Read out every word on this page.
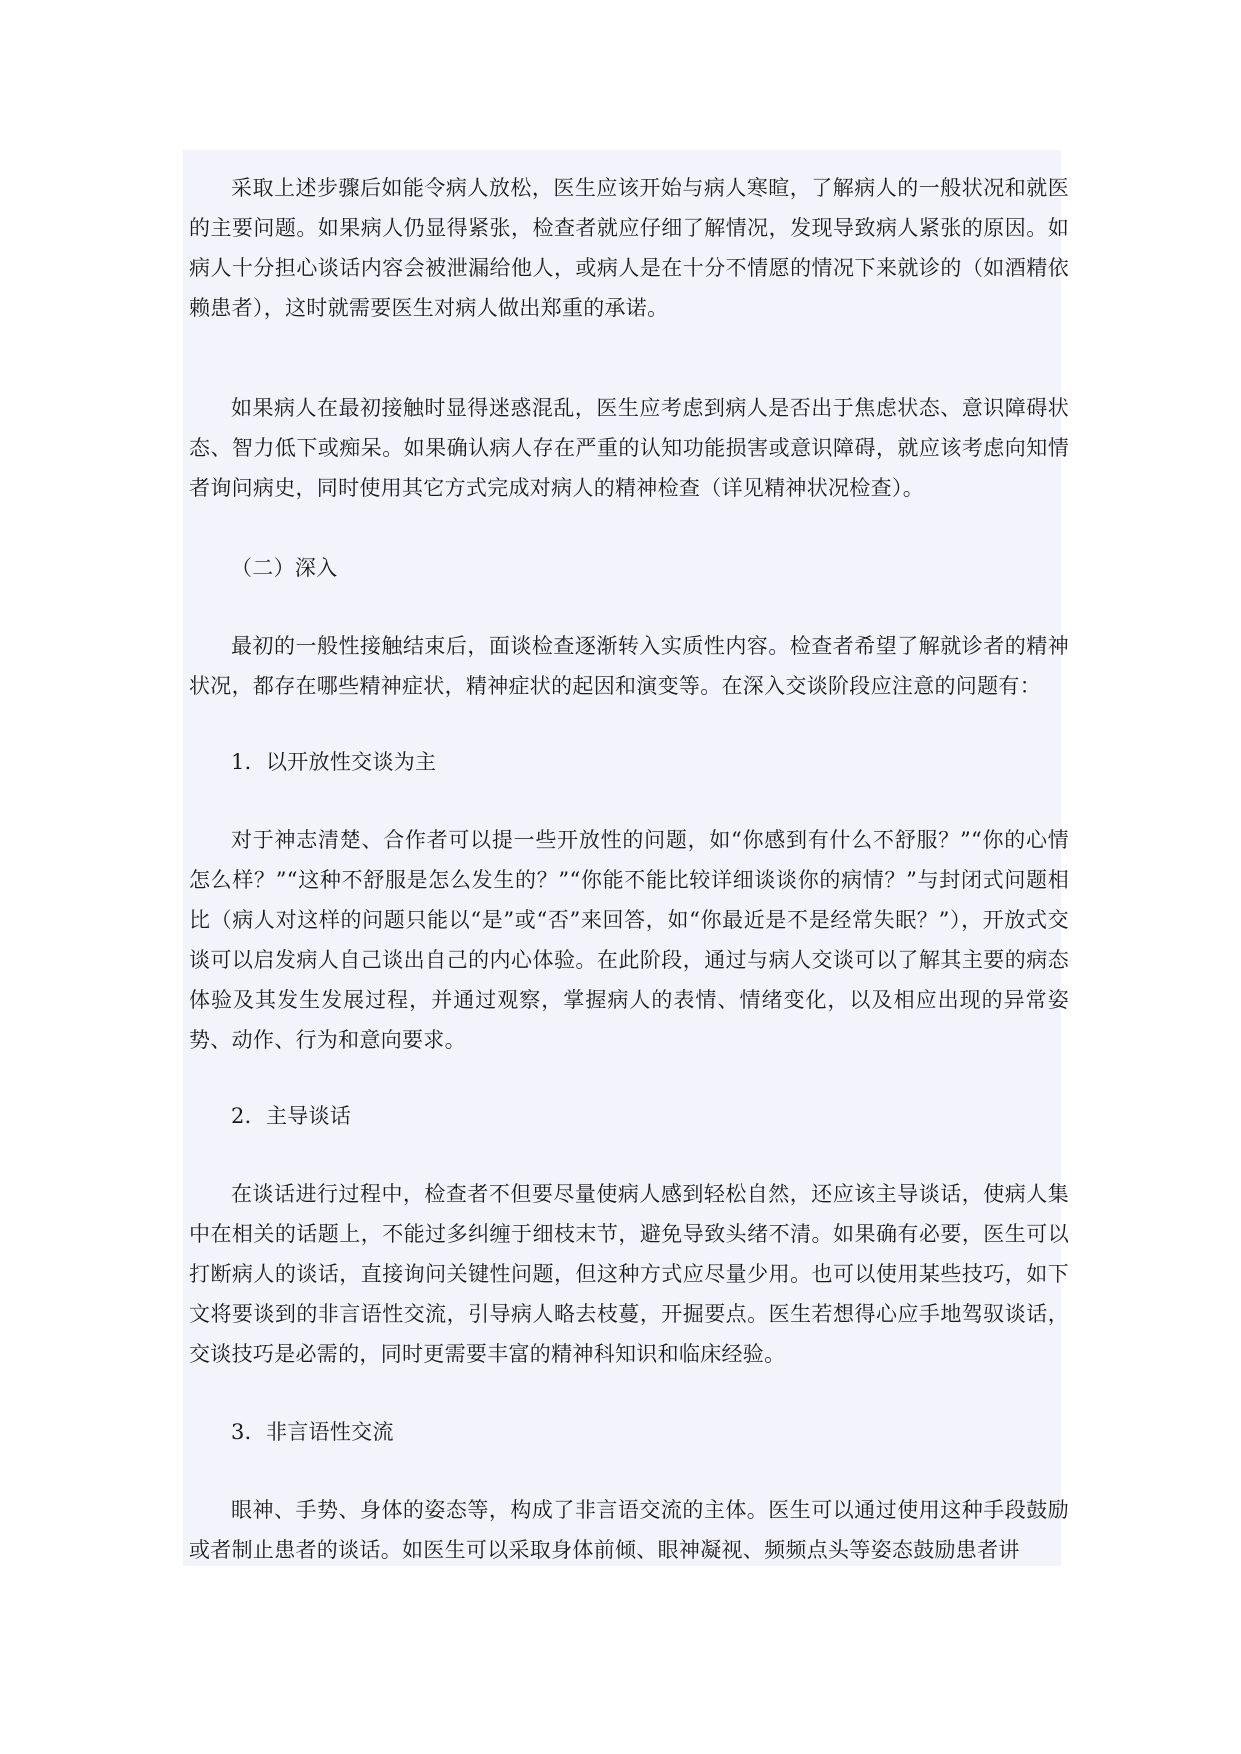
采取上述步骤后如能令病人放松，医生应该开始与病人寒暄，了解病人的一般状况和就医的主要问题。如果病人仍显得紧张，检查者就应仔细了解情况，发现导致病人紧张的原因。如病人十分担心谈话内容会被泄漏给他人，或病人是在十分不情愿的情况下来就诊的（如酒精依赖患者），这时就需要医生对病人做出郑重的承诺。

如果病人在最初接触时显得迷惑混乱，医生应考虑到病人是否出于焦虑状态、意识障碍状态、智力低下或痴呆。如果确认病人存在严重的认知功能损害或意识障碍，就应该考虑向知情者询问病史，同时使用其它方式完成对病人的精神检查（详见精神状况检查）。

（二）深入

最初的一般性接触结束后，面谈检查逐渐转入实质性内容。检查者希望了解就诊者的精神状况，都存在哪些精神症状，精神症状的起因和演变等。在深入交谈阶段应注意的问题有：

1．以开放性交谈为主

对于神志清楚、合作者可以提一些开放性的问题，如“你感到有什么不舒服？”“你的心情怎么样？”“这种不舒服是怎么发生的？”“你能不能比较详细谈谈你的病情？”与封闭式问题相比（病人对这样的问题只能以“是”或“否”来回答，如“你最近是不是经常失眠？”），开放式交谈可以启发病人自己谈出自己的内心体验。在此阶段，通过与病人交谈可以了解其主要的病态体验及其发生发展过程，并通过观察，掌握病人的表情、情绪变化，以及相应出现的异常姿势、动作、行为和意向要求。

2．主导谈话

在谈话进行过程中，检查者不但要尽量使病人感到轻松自然，还应该主导谈话，使病人集中在相关的话题上，不能过多纠缠于细枝末节，避免导致头绪不清。如果确有必要，医生可以打断病人的谈话，直接询问关键性问题，但这种方式应尽量少用。也可以使用某些技巧，如下文将要谈到的非言语性交流，引导病人略去枝蔓，开掘要点。医生若想得心应手地驾驭谈话，交谈技巧是必需的，同时更需要丰富的精神科知识和临床经验。

3．非言语性交流

眼神、手势、身体的姿态等，构成了非言语交流的主体。医生可以通过使用这种手段鼓励或者制止患者的谈话。如医生可以采取身体前倾、眼神凝视、频频点头等姿态鼓励患者讲
